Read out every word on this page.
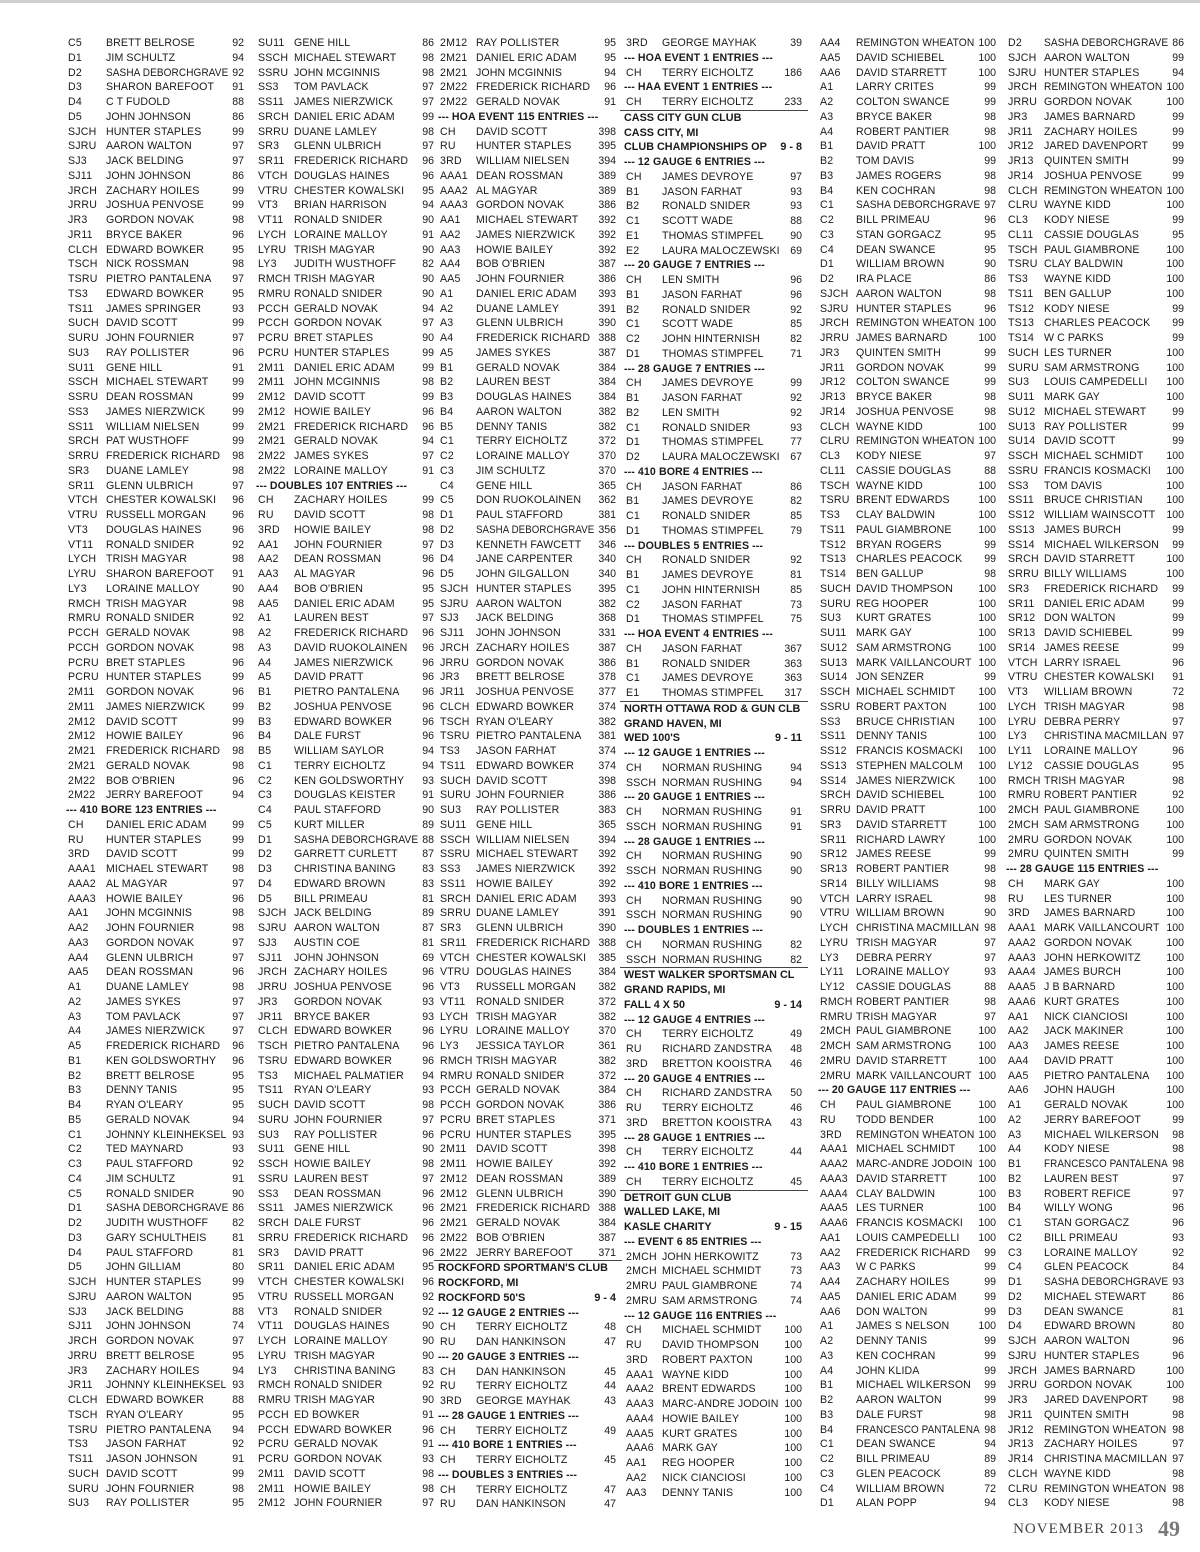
C5 BRETT BELROSE	92
D1 JIM SCHULTZ	94
D2 SASHA DEBORCHGRAVE 92
D3 SHARON BAREFOOT 91
D4 C T FUDOLD	88
D5 JOHN JOHNSON	86
SJCH HUNTER STAPLES	99
SJRU AARON WALTON	97
SJ3 JACK BELDING	97
SJ11 JOHN JOHNSON	86
JRCH ZACHARY HOILES	99
JRRU JOSHUA PENVOSE	99
JR3 GORDON NOVAK	98
JR11 BRYCE BAKER	96
CLCH EDWARD BOWKER	95
TSCH NICK ROSSMAN	98
TSRU PIETRO PANTALENA 97
TS3 EDWARD BOWKER	95
TS11 JAMES SPRINGER	93
SUCH DAVID SCOTT	99
SURU JOHN FOURNIER	97
SU3 RAY POLLISTER	96
SU11 GENE HILL	91
SSCH MICHAEL STEWART 99
SSRU DEAN ROSSMAN	99
SS3 JAMES NIERZWICK	99
SS11 WILLIAM NIELSEN	99
SRCH PAT WUSTHOFF	99
SRRU FREDERICK RICHARD 98
SR3 DUANE LAMLEY	98
SR11 GLENN ULBRICH	97
VTCH CHESTER KOWALSKI 96
VTRU RUSSELL MORGAN 96
VT3 DOUGLAS HAINES	96
VT11 RONALD SNIDER	92
LYCH TRISH MAGYAR	98
LYRU SHARON BAREFOOT 91
LY3 LORAINE MALLOY	90
RMCH TRISH MAGYAR	98
RMRU RONALD SNIDER	92
PCCH GERALD NOVAK	98
PCCH GORDON NOVAK	98
PCRU BRET STAPLES	96
PCRU HUNTER STAPLES	99
2M11 GORDON NOVAK	96
2M11 JAMES NIERZWICK	99
2M12 DAVID SCOTT	99
2M12 HOWIE BAILEY	96
2M21 FREDERICK RICHARD 98
2M21 GERALD NOVAK	98
2M22 BOB O'BRIEN	96
2M22 JERRY BAREFOOT	94
--- 410 BORE 123 ENTRIES ---
CH DANIEL ERIC ADAM 99
RU HUNTER STAPLES	99
3RD DAVID SCOTT	99
AAA1 MICHAEL STEWART 98
AAA2 AL MAGYAR	97
AAA3 HOWIE BAILEY	96
AA1 JOHN MCGINNIS	98
AA2 JOHN FOURNIER	98
AA3 GORDON NOVAK	97
AA4 GLENN ULBRICH	97
AA5 DEAN ROSSMAN	96
A1 DUANE LAMLEY	98
A2 JAMES SYKES	97
A3 TOM PAVLACK	97
A4 JAMES NIERZWICK	97
A5 FREDERICK RICHARD 96
B1 KEN GOLDSWORTHY 96
B2 BRETT BELROSE	95
B3 DENNY TANIS	95
B4 RYAN O'LEARY	95
B5 GERALD NOVAK	94
C1 JOHNNY KLEINHEKSEL 93
C2 TED MAYNARD	93
C3 PAUL STAFFORD	92
C4 JIM SCHULTZ	91
C5 RONALD SNIDER	90
D1 SASHA DEBORCHGRAVE 86
D2 JUDITH WUSTHOFF 82
D3 GARY SCHULTHEIS 81
D4 PAUL STAFFORD	81
D5 JOHN GILLIAM	80
SJCH HUNTER STAPLES	99
SJRU AARON WALTON	95
SJ3 JACK BELDING	88
SJ11 JOHN JOHNSON	74
JRCH GORDON NOVAK	97
JRRU BRETT BELROSE	95
JR3 ZACHARY HOILES	94
JR11 JOHNNY KLEINHEKSEL 93
CLCH EDWARD BOWKER	88
TSCH RYAN O'LEARY	95
TSRU PIETRO PANTALENA 94
TS3 JASON FARHAT	92
TS11 JASON JOHNSON	91
SUCH DAVID SCOTT	99
SURU JOHN FOURNIER	98
SU3 RAY POLLISTER	95
SU11 GENE HILL	86
SSCH MICHAEL STEWART 98
SSRU JOHN MCGINNIS	98
SS3 TOM PAVLACK	97
SS11 JAMES NIERZWICK	97
SRCH DANIEL ERIC ADAM	99
SRRU DUANE LAMLEY	98
SR3 GLENN ULBRICH	97
SR11 FREDERICK RICHARD 96
VTCH DOUGLAS HAINES	96
VTRU CHESTER KOWALSKI 95
VT3 BRIAN HARRISON	94
VT11 RONALD SNIDER	90
LYCH LORAINE MALLOY	91
LYRU TRISH MAGYAR	90
LY3 JUDITH WUSTHOFF 82
RMCH TRISH MAGYAR	90
RMRU RONALD SNIDER	90
PCCH GERALD NOVAK	94
PCCH GORDON NOVAK	97
PCRU BRET STAPLES	90
PCRU HUNTER STAPLES	99
2M11 DANIEL ERIC ADAM	99
2M11 JOHN MCGINNIS	98
2M12 DAVID SCOTT	99
2M12 HOWIE BAILEY	96
2M21 FREDERICK RICHARD 96
2M21 GERALD NOVAK	94
2M22 JAMES SYKES	97
2M22 LORAINE MALLOY	91
--- DOUBLES 107 ENTRIES ---
CH ZACHARY HOILES	99
RU DAVID SCOTT	98
3RD HOWIE BAILEY	98
AA1 JOHN FOURNIER	97
AA2 DEAN ROSSMAN	96
AA3 AL MAGYAR	96
AA4 BOB O'BRIEN	95
AA5 DANIEL ERIC ADAM	95
A1 LAUREN BEST	97
A2 FREDERICK RICHARD 96
A3 DAVID RUOKOLAINEN 96
A4 JAMES NIERZWICK	96
A5 DAVID PRATT	96
B1 PIETRO PANTALENA 96
B2 JOSHUA PENVOSE	96
B3 EDWARD BOWKER	96
B4 DALE FURST	96
B5 WILLIAM SAYLOR	94
C1 TERRY EICHOLTZ	94
C2 KEN GOLDSWORTHY 93
C3 DOUGLAS KEISTER	91
C4 PAUL STAFFORD	90
C5 KURT MILLER	89
D1 SASHA DEBORCHGRAVE 88
D2 GARRETT CURLETT 87
D3 CHRISTINA BANING	83
D4 EDWARD BROWN	83
D5 BILL PRIMEAU	81
SJCH JACK BELDING	89
SJRU AARON WALTON	87
SJ3 AUSTIN COE	81
SJ11 JOHN JOHNSON	69
JRCH ZACHARY HOILES	96
JRRU JOSHUA PENVOSE	96
JR3 GORDON NOVAK	93
JR11 BRYCE BAKER	93
CLCH EDWARD BOWKER	96
TSCH PIETRO PANTALENA 96
TSRU EDWARD BOWKER	96
TS3 MICHAEL PALMATIER 94
TS11 RYAN O'LEARY	93
SUCH DAVID SCOTT	98
SURU JOHN FOURNIER	97
SU3 RAY POLLISTER	96
SU11 GENE HILL	90
SSCH HOWIE BAILEY	98
SSRU LAUREN BEST	97
SS3 DEAN ROSSMAN	96
SS11 JAMES NIERZWICK	96
SRCH DALE FURST	96
SRRU FREDERICK RICHARD 96
SR3 DAVID PRATT	96
SR11 DANIEL ERIC ADAM	95
VTCH CHESTER KOWALSKI 96
VTRU RUSSELL MORGAN	92
VT3 RONALD SNIDER	92
VT11 DOUGLAS HAINES	90
LYCH LORAINE MALLOY	90
LYRU TRISH MAGYAR	90
LY3 CHRISTINA BANING	83
RMCH RONALD SNIDER	92
RMRU TRISH MAGYAR	90
PCCH ED BOWKER	91
PCCH EDWARD BOWKER	96
PCRU GERALD NOVAK	91
PCRU GORDON NOVAK	93
2M11 DAVID SCOTT	98
2M11 HOWIE BAILEY	98
2M12 JOHN FOURNIER	97
2M12 RAY POLLISTER	95
2M21 DANIEL ERIC ADAM	95
2M21 JOHN MCGINNIS	94
2M22 FREDERICK RICHARD 96
2M22 GERALD NOVAK	91
--- HOA EVENT 115 ENTRIES ---
CH DAVID SCOTT	398
RU HUNTER STAPLES	395
3RD WILLIAM NIELSEN	394
AAA1 DEAN ROSSMAN	389
AAA2 AL MAGYAR	389
AAA3 GORDON NOVAK	386
AA1 MICHAEL STEWART 392
AA2 JAMES NIERZWICK 392
AA3 HOWIE BAILEY	392
AA4 BOB O'BRIEN	387
AA5 JOHN FOURNIER	386
A1 DANIEL ERIC ADAM 393
A2 DUANE LAMLEY	391
A3 GLENN ULBRICH	390
A4 FREDERICK RICHARD 388
A5 JAMES SYKES	387
B1 GERALD NOVAK	384
B2 LAUREN BEST	384
B3 DOUGLAS HAINES	384
B4 AARON WALTON	382
B5 DENNY TANIS	382
C1 TERRY EICHOLTZ	372
C2 LORAINE MALLOY	370
C3 JIM SCHULTZ	370
C4 GENE HILL	365
C5 DON RUOKOLAINEN 362
D1 PAUL STAFFORD	381
D2 SASHA DEBORCHGRAVE 356
D3 KENNETH FAWCETT 346
D4 JANE CARPENTER 340
D5 JOHN GILGALLON	340
SJCH HUNTER STAPLES	395
SJRU AARON WALTON	382
SJ3 JACK BELDING	368
SJ11 JOHN JOHNSON	331
JRCH ZACHARY HOILES	387
JRRU GORDON NOVAK	386
JR3 BRETT BELROSE	378
JR11 JOSHUA PENVOSE 377
CLCH EDWARD BOWKER 374
TSCH RYAN O'LEARY	382
TSRU PIETRO PANTALENA 381
TS3 JASON FARHAT	374
TS11 EDWARD BOWKER 374
SUCH DAVID SCOTT	398
SURU JOHN FOURNIER	386
SU3 RAY POLLISTER	383
SU11 GENE HILL	365
SSCH WILLIAM NIELSEN	394
SSRU MICHAEL STEWART 392
SS3 JAMES NIERZWICK 392
SS11 HOWIE BAILEY	392
SRCH DANIEL ERIC ADAM 393
SRRU DUANE LAMLEY	391
SR3 GLENN ULBRICH	390
SR11 FREDERICK RICHARD 388
VTCH CHESTER KOWALSKI 385
VTRU DOUGLAS HAINES	384
VT3 RUSSELL MORGAN 382
VT11 RONALD SNIDER	372
LYCH TRISH MAGYAR	382
LYRU LORAINE MALLOY	370
LY3 JESSICA TAYLOR	361
RMCH TRISH MAGYAR	382
RMRU RONALD SNIDER	372
PCCH GERALD NOVAK	384
PCCH GORDON NOVAK	386
PCRU BRET STAPLES	371
PCRU HUNTER STAPLES	395
2M11 DAVID SCOTT	398
2M11 HOWIE BAILEY	392
2M12 DEAN ROSSMAN	389
2M12 GLENN ULBRICH	390
2M21 FREDERICK RICHARD 388
2M21 GERALD NOVAK	384
2M22 BOB O'BRIEN	387
2M22 JERRY BAREFOOT 371
ROCKFORD SPORTMAN'S CLUB
ROCKFORD, MI
ROCKFORD 50'S	9 - 4
--- 12 GAUGE 2 ENTRIES ---
CH TERRY EICHOLTZ	48
RU DAN HANKINSON	47
--- 20 GAUGE 3 ENTRIES ---
CH DAN HANKINSON	45
RU TERRY EICHOLTZ	44
3RD GEORGE MAYHAK	43
--- 28 GAUGE 1 ENTRIES ---
CH TERRY EICHOLTZ	49
--- 410 BORE 1 ENTRIES ---
CH TERRY EICHOLTZ	45
--- DOUBLES 3 ENTRIES ---
CH TERRY EICHOLTZ	47
RU DAN HANKINSON	47
3RD GEORGE MAYHAK	39
--- HOA EVENT 1 ENTRIES ---
CH TERRY EICHOLTZ	186
--- HAA EVENT 1 ENTRIES ---
CH TERRY EICHOLTZ	233
CASS CITY GUN CLUB
CASS CITY, MI
CLUB CHAMPIONSHIPS OP 9 - 8
--- 12 GAUGE 6 ENTRIES ---
CH JAMES DEVROYE	97
B1 JASON FARHAT	93
B2 RONALD SNIDER	93
C1 SCOTT WADE	88
E1 THOMAS STIMPFEL	90
E2 LAURA MALOCZEWSKI 69
--- 20 GAUGE 7 ENTRIES ---
CH LEN SMITH	96
B1 JASON FARHAT	96
B2 RONALD SNIDER	92
C1 SCOTT WADE	85
C2 JOHN HINTERNISH	82
D1 THOMAS STIMPFEL	71
--- 28 GAUGE 7 ENTRIES ---
CH JAMES DEVROYE	99
B1 JASON FARHAT	92
B2 LEN SMITH	92
C1 RONALD SNIDER	93
D1 THOMAS STIMPFEL	77
D2 LAURA MALOCZEWSKI 67
--- 410 BORE 4 ENTRIES ---
CH JASON FARHAT	86
B1 JAMES DEVROYE	82
C1 RONALD SNIDER	85
D1 THOMAS STIMPFEL	79
--- DOUBLES 5 ENTRIES ---
CH RONALD SNIDER	92
B1 JAMES DEVROYE	81
C1 JOHN HINTERNISH	85
C2 JASON FARHAT	73
D1 THOMAS STIMPFEL	75
--- HOA EVENT 4 ENTRIES ---
CH JASON FARHAT	367
B1 RONALD SNIDER	363
C1 JAMES DEVROYE	363
E1 THOMAS STIMPFEL 317
NORTH OTTAWA ROD & GUN CLB
GRAND HAVEN, MI
WED 100'S	9 - 11
--- 12 GAUGE 1 ENTRIES ---
CH NORMAN RUSHING	94
SSCH NORMAN RUSHING	94
--- 20 GAUGE 1 ENTRIES ---
CH NORMAN RUSHING	91
SSCH NORMAN RUSHING	91
--- 28 GAUGE 1 ENTRIES ---
CH NORMAN RUSHING	90
SSCH NORMAN RUSHING	90
--- 410 BORE 1 ENTRIES ---
CH NORMAN RUSHING	90
SSCH NORMAN RUSHING	90
--- DOUBLES 1 ENTRIES ---
CH NORMAN RUSHING	82
SSCH NORMAN RUSHING	82
WEST WALKER SPORTSMAN CL
GRAND RAPIDS, MI
FALL 4 X 50	9 - 14
--- 12 GAUGE 4 ENTRIES ---
CH TERRY EICHOLTZ	49
RU RICHARD ZANDSTRA 48
3RD BRETTON KOOISTRA 46
--- 20 GAUGE 4 ENTRIES ---
CH RICHARD ZANDSTRA 50
RU TERRY EICHOLTZ	46
3RD BRETTON KOOISTRA 43
--- 28 GAUGE 1 ENTRIES ---
CH TERRY EICHOLTZ	44
--- 410 BORE 1 ENTRIES ---
CH TERRY EICHOLTZ	45
DETROIT GUN CLUB
WALLED LAKE, MI
KASLE CHARITY	9 - 15
--- EVENT 6 85 ENTRIES ---
2MCH JOHN HERKOWITZ	73
2MCH MICHAEL SCHMIDT	73
2MRU PAUL GIAMBRONE	74
2MRU SAM ARMSTRONG	74
--- 12 GAUGE 116 ENTRIES ---
CH MICHAEL SCHMIDT 100
RU DAVID THOMPSON 100
3RD ROBERT PAXTON	100
AAA1 WAYNE KIDD	100
AAA2 BRENT EDWARDS	100
AAA3 MARC-ANDRE JODOIN 100
AAA4 HOWIE BAILEY	100
AAA5 KURT GRATES	100
AAA6 MARK GAY	100
AA1 REG HOOPER	100
AA2 NICK CIANCIOSI	100
AA3 DENNY TANIS	100
AA4 REMINGTON WHEATON 100
AA5 DAVID SCHIEBEL	100
AA6 DAVID STARRETT	100
A1 LARRY CRITES	99
A2 COLTON SWANCE	99
A3 BRYCE BAKER	98
A4 ROBERT PANTIER	98
B1 DAVID PRATT	100
B2 TOM DAVIS	99
B3 JAMES ROGERS	98
B4 KEN COCHRAN	98
C1 SASHA DEBORCHGRAVE 97
C2 BILL PRIMEAU	96
C3 STAN GORGACZ	95
C4 DEAN SWANCE	95
D1 WILLIAM BROWN	90
D2 IRA PLACE	86
SJCH AARON WALTON	98
SJRU HUNTER STAPLES	96
JRCH REMINGTON WHEATON 100
JRRU JAMES BARNARD	100
JR3 QUINTEN SMITH	99
JR11 GORDON NOVAK	99
JR12 COLTON SWANCE	99
JR13 BRYCE BAKER	98
JR14 JOSHUA PENVOSE	98
CLCH WAYNE KIDD	100
CLRU REMINGTON WHEATON 100
CL3 KODY NIESE	97
CL11 CASSIE DOUGLAS	88
TSCH WAYNE KIDD	100
TSRU BRENT EDWARDS	100
TS3 CLAY BALDWIN	100
TS11 PAUL GIAMBRONE	100
TS12 BRYAN ROGERS	99
TS13 CHARLES PEACOCK 99
TS14 BEN GALLUP	98
SUCH DAVID THOMPSON 100
SURU REG HOOPER	100
SU3 KURT GRATES	100
SU11 MARK GAY	100
SU12 SAM ARMSTRONG	100
SU13 MARK VAILLANCOURT 100
SU14 JON SENZER	99
SSCH MICHAEL SCHMIDT 100
SSRU ROBERT PAXTON	100
SS3 BRUCE CHRISTIAN 100
SS11 DENNY TANIS	100
SS12 FRANCIS KOSMACKI 100
SS13 STEPHEN MALCOLM 100
SS14 JAMES NIERZWICK 100
SRCH DAVID SCHIEBEL	100
SRRU DAVID PRATT	100
SR3 DAVID STARRETT	100
SR11 RICHARD LAWRY	100
SR12 JAMES REESE	99
SR13 ROBERT PANTIER	98
SR14 BILLY WILLIAMS	98
VTCH LARRY ISRAEL	98
VTRU WILLIAM BROWN	90
LYCH CHRISTINA MACMILLAN 98
LYRU TRISH MAGYAR	97
LY3 DEBRA PERRY	97
LY11 LORAINE MALLOY	93
LY12 CASSIE DOUGLAS	88
RMCH ROBERT PANTIER	98
RMRU TRISH MAGYAR	97
2MCH PAUL GIAMBRONE	100
2MCH SAM ARMSTRONG	100
2MRU DAVID STARRETT	100
2MRU MARK VAILLANCOURT 100
--- 20 GAUGE 117 ENTRIES ---
CH PAUL GIAMBRONE	100
RU TODD BENDER	100
3RD REMINGTON WHEATON 100
AAA1 MICHAEL SCHMIDT 100
AAA2 MARC-ANDRE JODOIN 100
AAA3 DAVID STARRETT	100
AAA4 CLAY BALDWIN	100
AAA5 LES TURNER	100
AAA6 FRANCIS KOSMACKI 100
AA1 LOUIS CAMPEDELLI 100
AA2 FREDERICK RICHARD 99
AA3 W C PARKS	99
AA4 ZACHARY HOILES	99
AA5 DANIEL ERIC ADAM	99
AA6 DON WALTON	99
A1 JAMES S NELSON	100
A2 DENNY TANIS	99
A3 KEN COCHRAN	99
A4 JOHN KLIDA	99
B1 MICHAEL WILKERSON 99
B2 AARON WALTON	99
B3 DALE FURST	98
B4 FRANCESCO PANTALENA 98
C1 DEAN SWANCE	94
C2 BILL PRIMEAU	89
C3 GLEN PEACOCK	89
C4 WILLIAM BROWN	72
D1 ALAN POPP	94
D2 SASHA DEBORCHGRAVE 86
SJCH AARON WALTON	99
SJRU HUNTER STAPLES	94
JRCH REMINGTON WHEATON 100
JRRU GORDON NOVAK	100
JR3 JAMES BARNARD	99
JR11 ZACHARY HOILES	99
JR12 JARED DAVENPORT 99
JR13 QUINTEN SMITH	99
JR14 JOSHUA PENVOSE	99
CLCH REMINGTON WHEATON 100
CLRU WAYNE KIDD	100
CL3 KODY NIESE	99
CL11 CASSIE DOUGLAS	95
TSCH PAUL GIAMBRONE	100
TSRU CLAY BALDWIN	100
TS3 WAYNE KIDD	100
TS11 BEN GALLUP	100
TS12 KODY NIESE	99
TS13 CHARLES PEACOCK 99
TS14 W C PARKS	99
SUCH LES TURNER	100
SURU SAM ARMSTRONG	100
SU3 LOUIS CAMPEDELLI 100
SU11 MARK GAY	100
SU12 MICHAEL STEWART 99
SU13 RAY POLLISTER	99
SU14 DAVID SCOTT	99
SSCH MICHAEL SCHMIDT 100
SSRU FRANCIS KOSMACKI 100
SS3 TOM DAVIS	100
SS11 BRUCE CHRISTIAN 100
SS12 WILLIAM WAINSCOTT 100
SS13 JAMES BURCH	99
SS14 MICHAEL WILKERSON 99
SRCH DAVID STARRETT	100
SRRU BILLY WILLIAMS	100
SR3 FREDERICK RICHARD 99
SR11 DANIEL ERIC ADAM	99
SR12 DON WALTON	99
SR13 DAVID SCHIEBEL	99
SR14 JAMES REESE	99
VTCH LARRY ISRAEL	96
VTRU CHESTER KOWALSKI 91
VT3 WILLIAM BROWN	72
LYCH TRISH MAGYAR	98
LYRU DEBRA PERRY	97
LY3 CHRISTINA MACMILLAN 97
LY11 LORAINE MALLOY	96
LY12 CASSIE DOUGLAS	95
RMCH TRISH MAGYAR	98
RMRU ROBERT PANTIER	92
2MCH PAUL GIAMBRONE	100
2MCH SAM ARMSTRONG	100
2MRU GORDON NOVAK	100
2MRU QUINTEN SMITH	99
--- 28 GAUGE 115 ENTRIES ---
CH MARK GAY	100
RU LES TURNER	100
3RD JAMES BARNARD	100
AAA1 MARK VAILLANCOURT 100
AAA2 GORDON NOVAK	100
AAA3 JOHN HERKOWITZ 100
AAA4 JAMES BURCH	100
AAA5 J B BARNARD	100
AAA6 KURT GRATES	100
AA1 NICK CIANCIOSI	100
AA2 JACK MAKINER	100
AA3 JAMES REESE	100
AA4 DAVID PRATT	100
AA5 PIETRO PANTALENA 100
AA6 JOHN HAUGH	100
A1 GERALD NOVAK	100
A2 JERRY BAREFOOT	99
A3 MICHAEL WILKERSON 98
A4 KODY NIESE	98
B1 FRANCESCO PANTALENA 98
B2 LAUREN BEST	97
B3 ROBERT REFICE	97
B4 WILLY WONG	96
C1 STAN GORGACZ	96
C2 BILL PRIMEAU	93
C3 LORAINE MALLOY	92
C4 GLEN PEACOCK	84
D1 SASHA DEBORCHGRAVE 93
D2 MICHAEL STEWART 86
D3 DEAN SWANCE	81
D4 EDWARD BROWN	80
SJCH AARON WALTON	96
SJRU HUNTER STAPLES	96
JRCH JAMES BARNARD	100
JRRU GORDON NOVAK	100
JR3 JARED DAVENPORT 98
JR11 QUINTEN SMITH	98
JR12 REMINGTON WHEATON 98
JR13 ZACHARY HOILES	97
JR14 CHRISTINA MACMILLAN 97
CLCH WAYNE KIDD	98
CLRU REMINGTON WHEATON 98
CL3 KODY NIESE	98
NOVEMBER 2013 49
